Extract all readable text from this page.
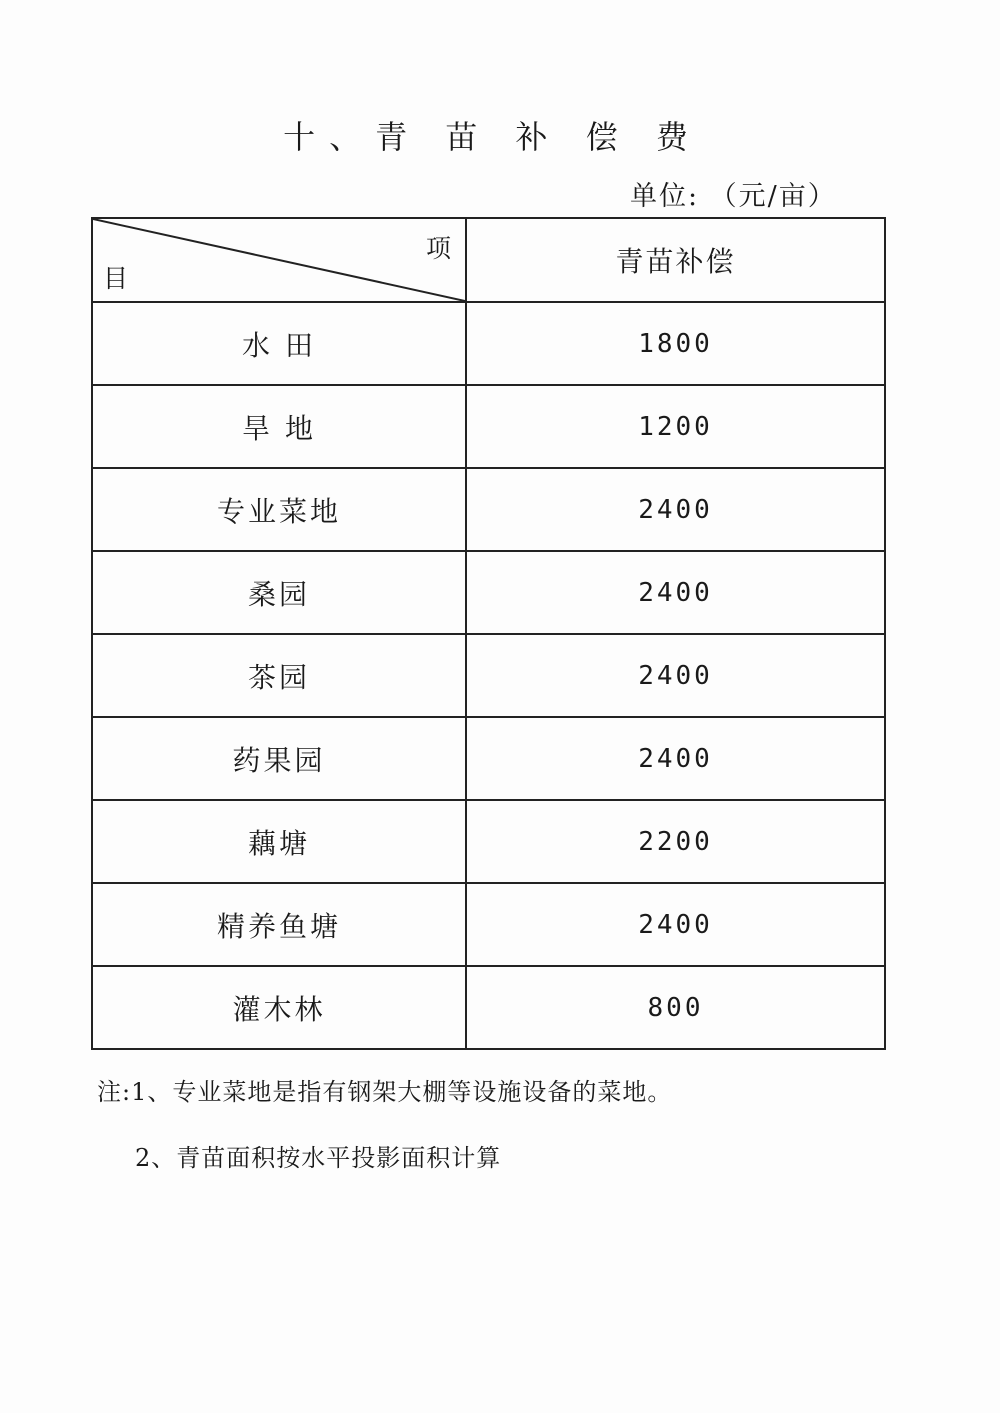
十、青 苗 补 偿 费
单位: （元/亩）
项
目	青苗补偿
水 田	1800
旱 地	1200
专业菜地	2400
桑园	2400
茶园	2400
药果园	2400
藕塘	2200
精养鱼塘	2400
灌木林	800
注:1、专业菜地是指有钢架大棚等设施设备的菜地。
2、青苗面积按水平投影面积计算
